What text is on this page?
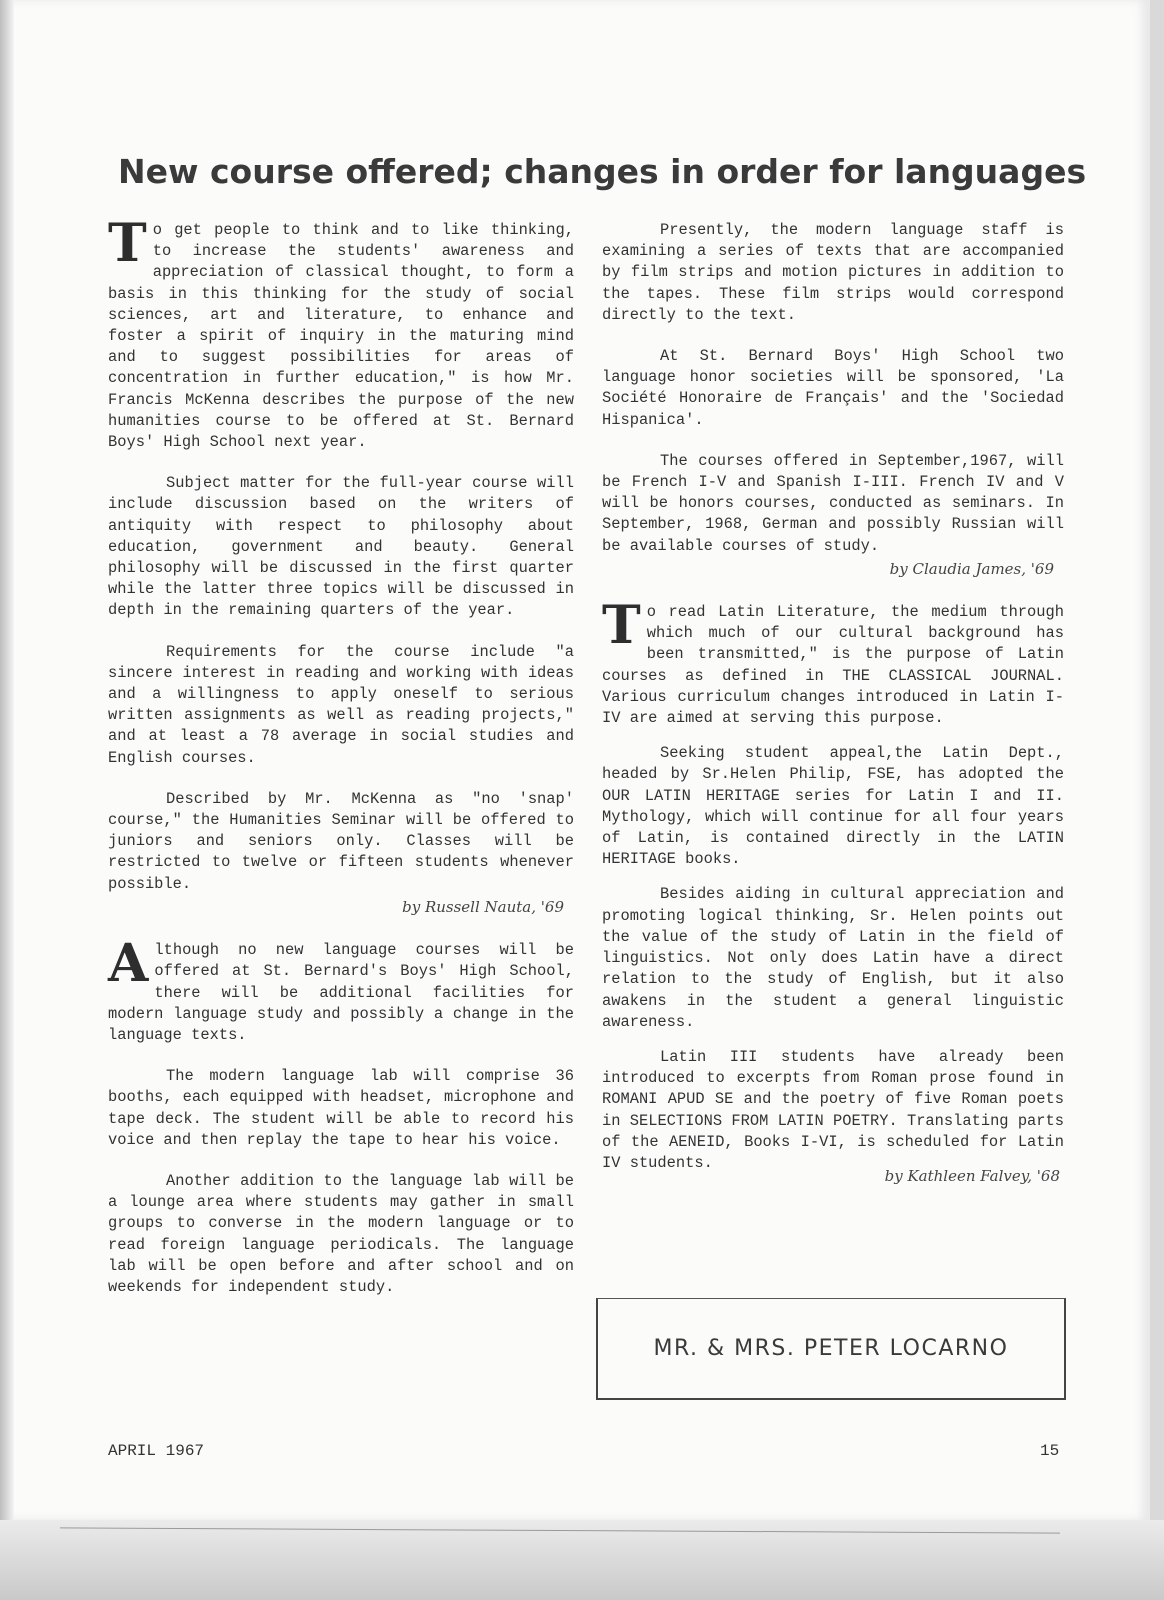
New course offered; changes in order for languages

To get people to think and to like thinking, to increase the students' awareness and appreciation of classical thought, to form a basis in this thinking for the study of social sciences, art and literature, to enhance and foster a spirit of inquiry in the maturing mind and to suggest possibilities for areas of concentration in further education," is how Mr. Francis McKenna describes the purpose of the new humanities course to be offered at St. Bernard Boys' High School next year.

Subject matter for the full-year course will include discussion based on the writers of antiquity with respect to philosophy about education, government and beauty. General philosophy will be discussed in the first quarter while the latter three topics will be discussed in depth in the remaining quarters of the year.

Requirements for the course include "a sincere interest in reading and working with ideas and a willingness to apply oneself to serious written assignments as well as reading projects," and at least a 78 average in social studies and English courses.

Described by Mr. McKenna as "no 'snap' course," the Humanities Seminar will be offered to juniors and seniors only. Classes will be restricted to twelve or fifteen students whenever possible.

by Russell Nauta, '69

Although no new language courses will be offered at St. Bernard's Boys' High School, there will be additional facilities for modern language study and possibly a change in the language texts.

The modern language lab will comprise 36 booths, each equipped with headset, microphone and tape deck. The student will be able to record his voice and then replay the tape to hear his voice.

Another addition to the language lab will be a lounge area where students may gather in small groups to converse in the modern language or to read foreign language periodicals. The language lab will be open before and after school and on weekends for independent study.

Presently, the modern language staff is examining a series of texts that are accompanied by film strips and motion pictures in addition to the tapes. These film strips would correspond directly to the text.

At St. Bernard Boys' High School two language honor societies will be sponsored, 'La Société Honoraire de Français' and the 'Sociedad Hispanica'.

The courses offered in September,1967, will be French I-V and Spanish I-III. French IV and V will be honors courses, conducted as seminars. In September, 1968, German and possibly Russian will be available courses of study.

by Claudia James, '69

To read Latin Literature, the medium through which much of our cultural background has been transmitted," is the purpose of Latin courses as defined in THE CLASSICAL JOURNAL. Various curriculum changes introduced in Latin I-IV are aimed at serving this purpose.

Seeking student appeal,the Latin Dept., headed by Sr.Helen Philip, FSE, has adopted the OUR LATIN HERITAGE series for Latin I and II. Mythology, which will continue for all four years of Latin, is contained directly in the LATIN HERITAGE books.

Besides aiding in cultural appreciation and promoting logical thinking, Sr. Helen points out the value of the study of Latin in the field of linguistics. Not only does Latin have a direct relation to the study of English, but it also awakens in the student a general linguistic awareness.

Latin III students have already been introduced to excerpts from Roman prose found in ROMANI APUD SE and the poetry of five Roman poets in SELECTIONS FROM LATIN POETRY. Translating parts of the AENEID, Books I-VI, is scheduled for Latin IV students.

by Kathleen Falvey, '68
MR. & MRS. PETER LOCARNO
APRIL 1967	15
